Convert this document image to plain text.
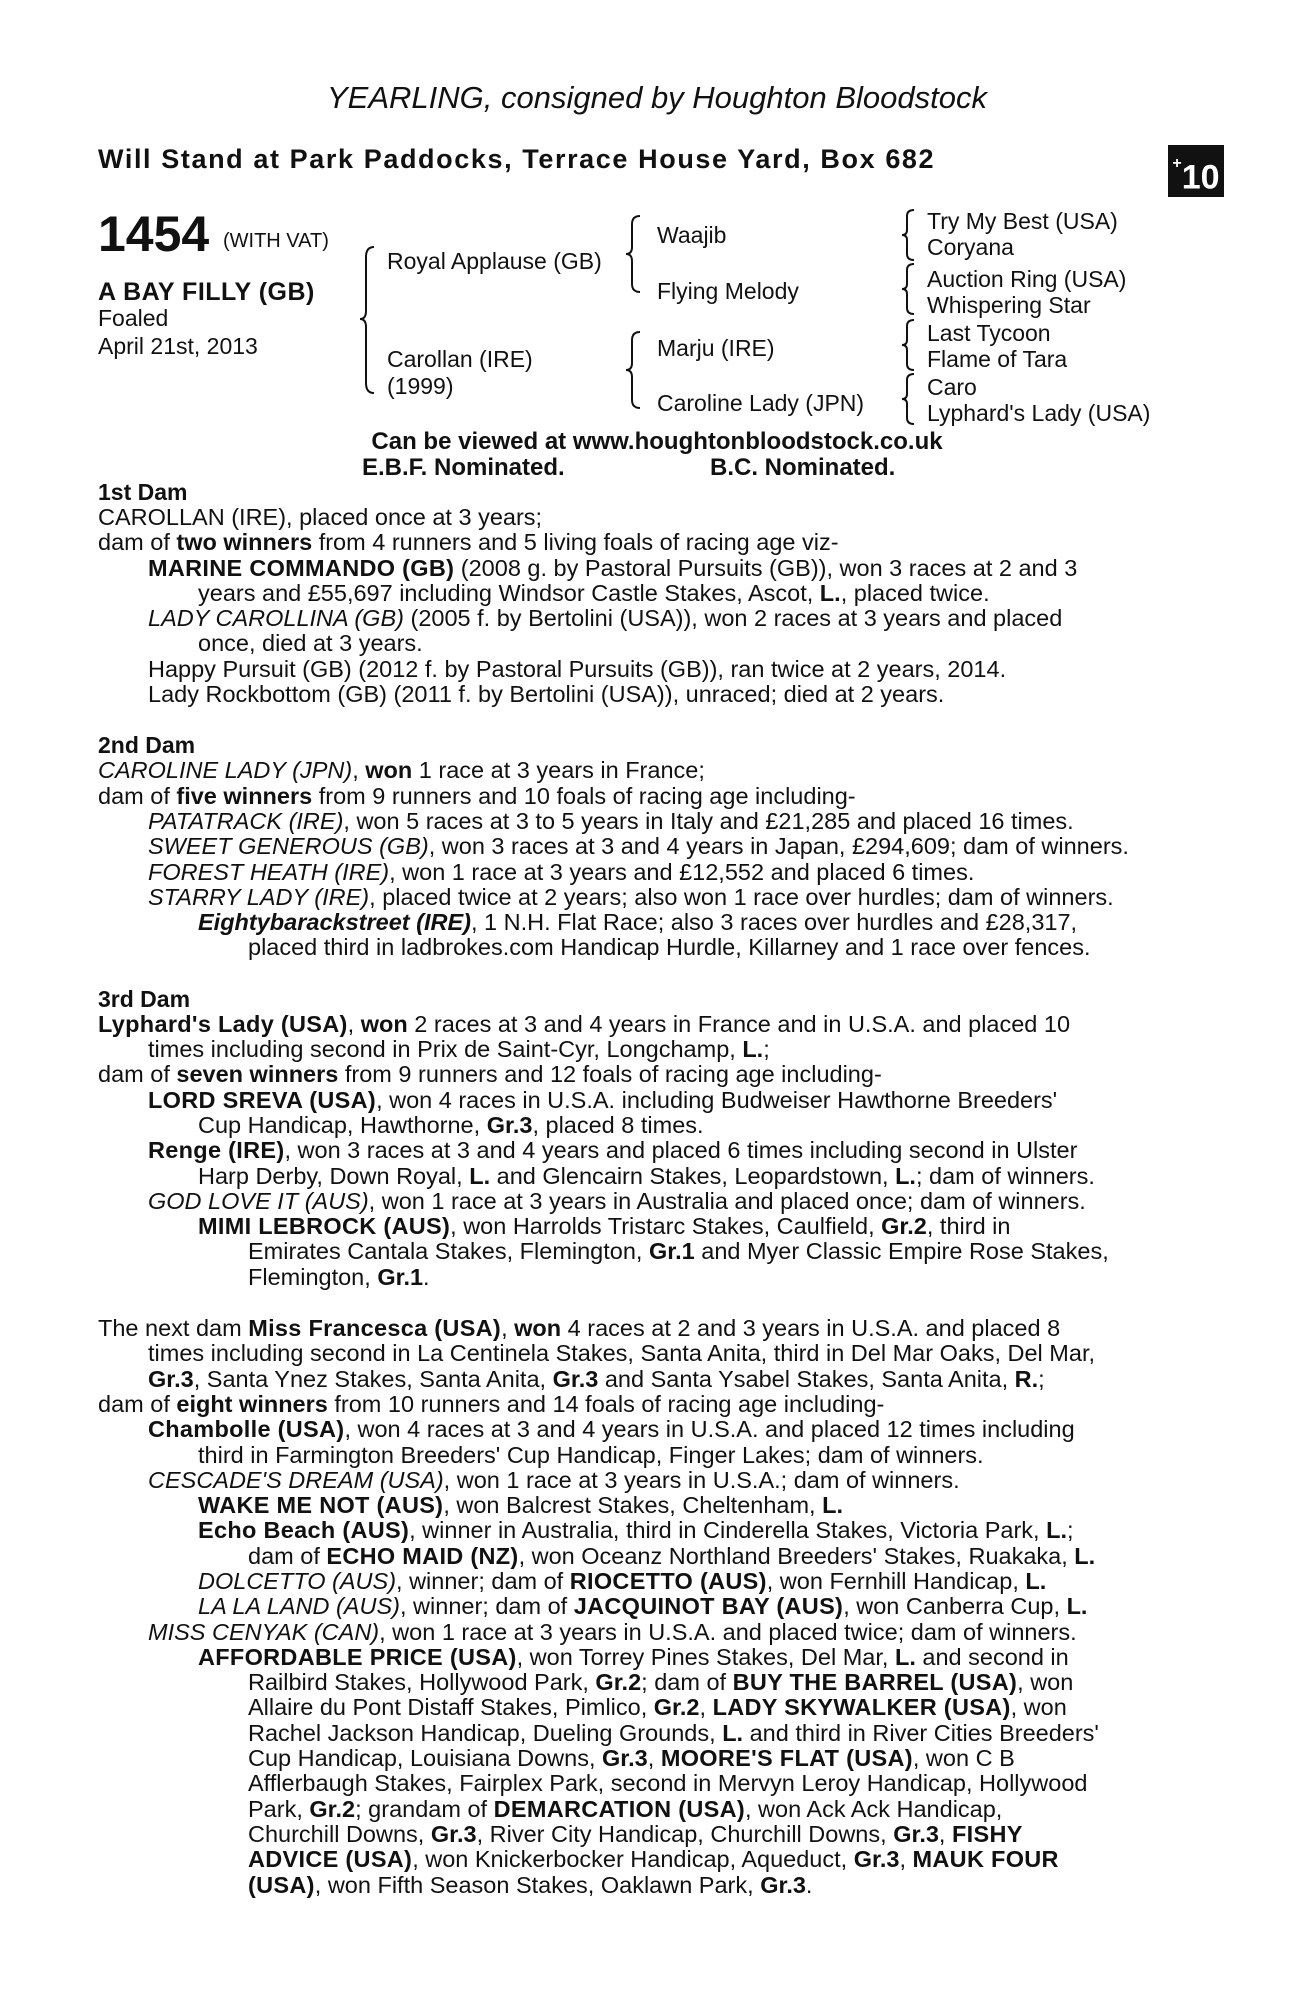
YEARLING, consigned by Houghton Bloodstock
Will Stand at Park Paddocks, Terrace House Yard, Box 682	+10
1454 (WITH VAT)
A BAY FILLY (GB)
Foaled
April 21st, 2013
Royal Applause (GB)
Carollan (IRE)
(1999)
Waajib
Flying Melody
Marju (IRE)
Caroline Lady (JPN)
Try My Best (USA)
Coryana
Auction Ring (USA)
Whispering Star
Last Tycoon
Flame of Tara
Caro
Lyphard's Lady (USA)
Can be viewed at www.houghtonbloodstock.co.uk
E.B.F. Nominated.	B.C. Nominated.
1st Dam
CAROLLAN (IRE), placed once at 3 years;
dam of two winners from 4 runners and 5 living foals of racing age viz-
MARINE COMMANDO (GB) (2008 g. by Pastoral Pursuits (GB)), won 3 races at 2 and 3
years and £55,697 including Windsor Castle Stakes, Ascot, L., placed twice.
LADY CAROLLINA (GB) (2005 f. by Bertolini (USA)), won 2 races at 3 years and placed
once, died at 3 years.
Happy Pursuit (GB) (2012 f. by Pastoral Pursuits (GB)), ran twice at 2 years, 2014.
Lady Rockbottom (GB) (2011 f. by Bertolini (USA)), unraced; died at 2 years.
2nd Dam
CAROLINE LADY (JPN), won 1 race at 3 years in France;
dam of five winners from 9 runners and 10 foals of racing age including-
PATATRACK (IRE), won 5 races at 3 to 5 years in Italy and £21,285 and placed 16 times.
SWEET GENEROUS (GB), won 3 races at 3 and 4 years in Japan, £294,609; dam of winners.
FOREST HEATH (IRE), won 1 race at 3 years and £12,552 and placed 6 times.
STARRY LADY (IRE), placed twice at 2 years; also won 1 race over hurdles; dam of winners.
Eightybarackstreet (IRE), 1 N.H. Flat Race; also 3 races over hurdles and £28,317,
placed third in ladbrokes.com Handicap Hurdle, Killarney and 1 race over fences.
3rd Dam
Lyphard's Lady (USA), won 2 races at 3 and 4 years in France and in U.S.A. and placed 10
times including second in Prix de Saint-Cyr, Longchamp, L.;
dam of seven winners from 9 runners and 12 foals of racing age including-
LORD SREVA (USA), won 4 races in U.S.A. including Budweiser Hawthorne Breeders'
Cup Handicap, Hawthorne, Gr.3, placed 8 times.
Renge (IRE), won 3 races at 3 and 4 years and placed 6 times including second in Ulster
Harp Derby, Down Royal, L. and Glencairn Stakes, Leopardstown, L.; dam of winners.
GOD LOVE IT (AUS), won 1 race at 3 years in Australia and placed once; dam of winners.
MIMI LEBROCK (AUS), won Harrolds Tristarc Stakes, Caulfield, Gr.2, third in
Emirates Cantala Stakes, Flemington, Gr.1 and Myer Classic Empire Rose Stakes,
Flemington, Gr.1.
The next dam Miss Francesca (USA), won 4 races at 2 and 3 years in U.S.A. and placed 8
times including second in La Centinela Stakes, Santa Anita, third in Del Mar Oaks, Del Mar,
Gr.3, Santa Ynez Stakes, Santa Anita, Gr.3 and Santa Ysabel Stakes, Santa Anita, R.;
dam of eight winners from 10 runners and 14 foals of racing age including-
Chambolle (USA), won 4 races at 3 and 4 years in U.S.A. and placed 12 times including
third in Farmington Breeders' Cup Handicap, Finger Lakes; dam of winners.
CESCADE'S DREAM (USA), won 1 race at 3 years in U.S.A.; dam of winners.
WAKE ME NOT (AUS), won Balcrest Stakes, Cheltenham, L.
Echo Beach (AUS), winner in Australia, third in Cinderella Stakes, Victoria Park, L.;
dam of ECHO MAID (NZ), won Oceanz Northland Breeders' Stakes, Ruakaka, L.
DOLCETTO (AUS), winner; dam of RIOCETTO (AUS), won Fernhill Handicap, L.
LA LA LAND (AUS), winner; dam of JACQUINOT BAY (AUS), won Canberra Cup, L.
MISS CENYAK (CAN), won 1 race at 3 years in U.S.A. and placed twice; dam of winners.
AFFORDABLE PRICE (USA), won Torrey Pines Stakes, Del Mar, L. and second in
Railbird Stakes, Hollywood Park, Gr.2; dam of BUY THE BARREL (USA), won
Allaire du Pont Distaff Stakes, Pimlico, Gr.2, LADY SKYWALKER (USA), won
Rachel Jackson Handicap, Dueling Grounds, L. and third in River Cities Breeders'
Cup Handicap, Louisiana Downs, Gr.3, MOORE'S FLAT (USA), won C B
Afflerbaugh Stakes, Fairplex Park, second in Mervyn Leroy Handicap, Hollywood
Park, Gr.2; grandam of DEMARCATION (USA), won Ack Ack Handicap,
Churchill Downs, Gr.3, River City Handicap, Churchill Downs, Gr.3, FISHY
ADVICE (USA), won Knickerbocker Handicap, Aqueduct, Gr.3, MAUK FOUR
(USA), won Fifth Season Stakes, Oaklawn Park, Gr.3.
